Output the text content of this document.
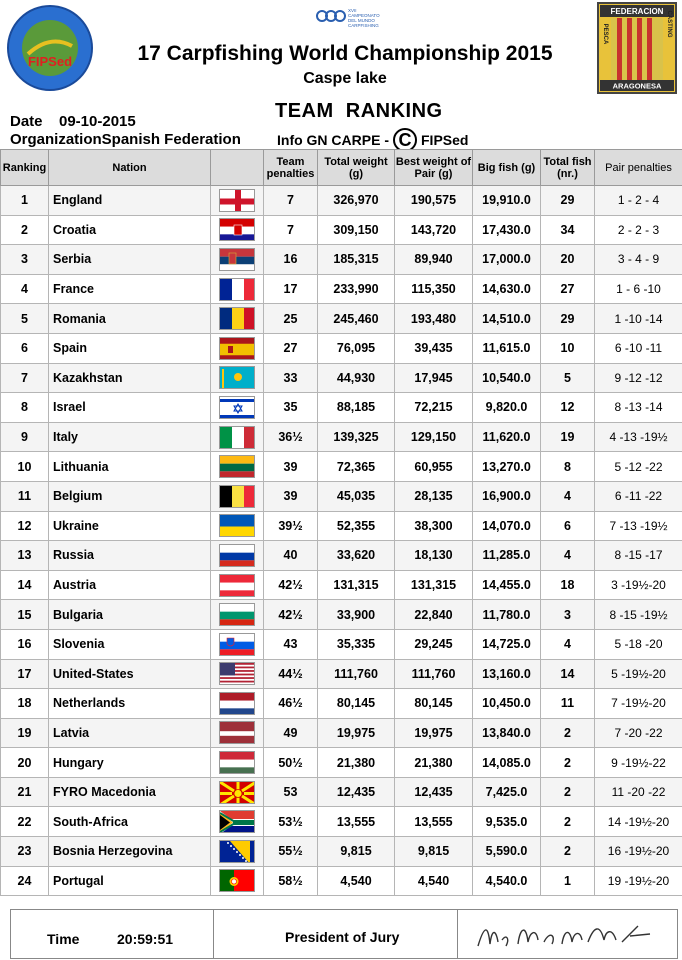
FIPSed
XVII
CAMPEONATO
DEL MUNDO
CARPFISHING
FEDERACION
ARAGONESA
PESCA	CASTING
17 Carpfishing World Championship 2015
Caspe lake
Date 09-10-2015
OrganizationSpanish Federation
TEAM  RANKING
Info GN CARPE - C FIPSed
Ranking	Nation		Team penalties	Total weight (g)	Best weight of Pair (g)	Big fish (g)	Total fish (nr.)	Pair penalties
1	England		7	326,970	190,575	19,910.0	29	1 - 2 - 4
2	Croatia		7	309,150	143,720	17,430.0	34	2 - 2 - 3
3	Serbia		16	185,315	89,940	17,000.0	20	3 - 4 - 9
4	France		17	233,990	115,350	14,630.0	27	1 - 6 -10
5	Romania		25	245,460	193,480	14,510.0	29	1 -10 -14
6	Spain		27	76,095	39,435	11,615.0	10	6 -10 -11
7	Kazakhstan		33	44,930	17,945	10,540.0	5	9 -12 -12
8	Israel		35	88,185	72,215	9,820.0	12	8 -13 -14
9	Italy		36½	139,325	129,150	11,620.0	19	4 -13 -19½
10	Lithuania		39	72,365	60,955	13,270.0	8	5 -12 -22
11	Belgium		39	45,035	28,135	16,900.0	4	6 -11 -22
12	Ukraine		39½	52,355	38,300	14,070.0	6	7 -13 -19½
13	Russia		40	33,620	18,130	11,285.0	4	8 -15 -17
14	Austria		42½	131,315	131,315	14,455.0	18	3 -19½-20
15	Bulgaria		42½	33,900	22,840	11,780.0	3	8 -15 -19½
16	Slovenia		43	35,335	29,245	14,725.0	4	5 -18 -20
17	United-States		44½	111,760	111,760	13,160.0	14	5 -19½-20
18	Netherlands		46½	80,145	80,145	10,450.0	11	7 -19½-20
19	Latvia		49	19,975	19,975	13,840.0	2	7 -20 -22
20	Hungary		50½	21,380	21,380	14,085.0	2	9 -19½-22
21	FYRO Macedonia		53	12,435	12,435	7,425.0	2	11 -20 -22
22	South-Africa		53½	13,555	13,555	9,535.0	2	14 -19½-20
23	Bosnia Herzegovina		55½	9,815	9,815	5,590.0	2	16 -19½-20
24	Portugal		58½	4,540	4,540	4,540.0	1	19 -19½-20
Time	20:59:51	President of Jury
